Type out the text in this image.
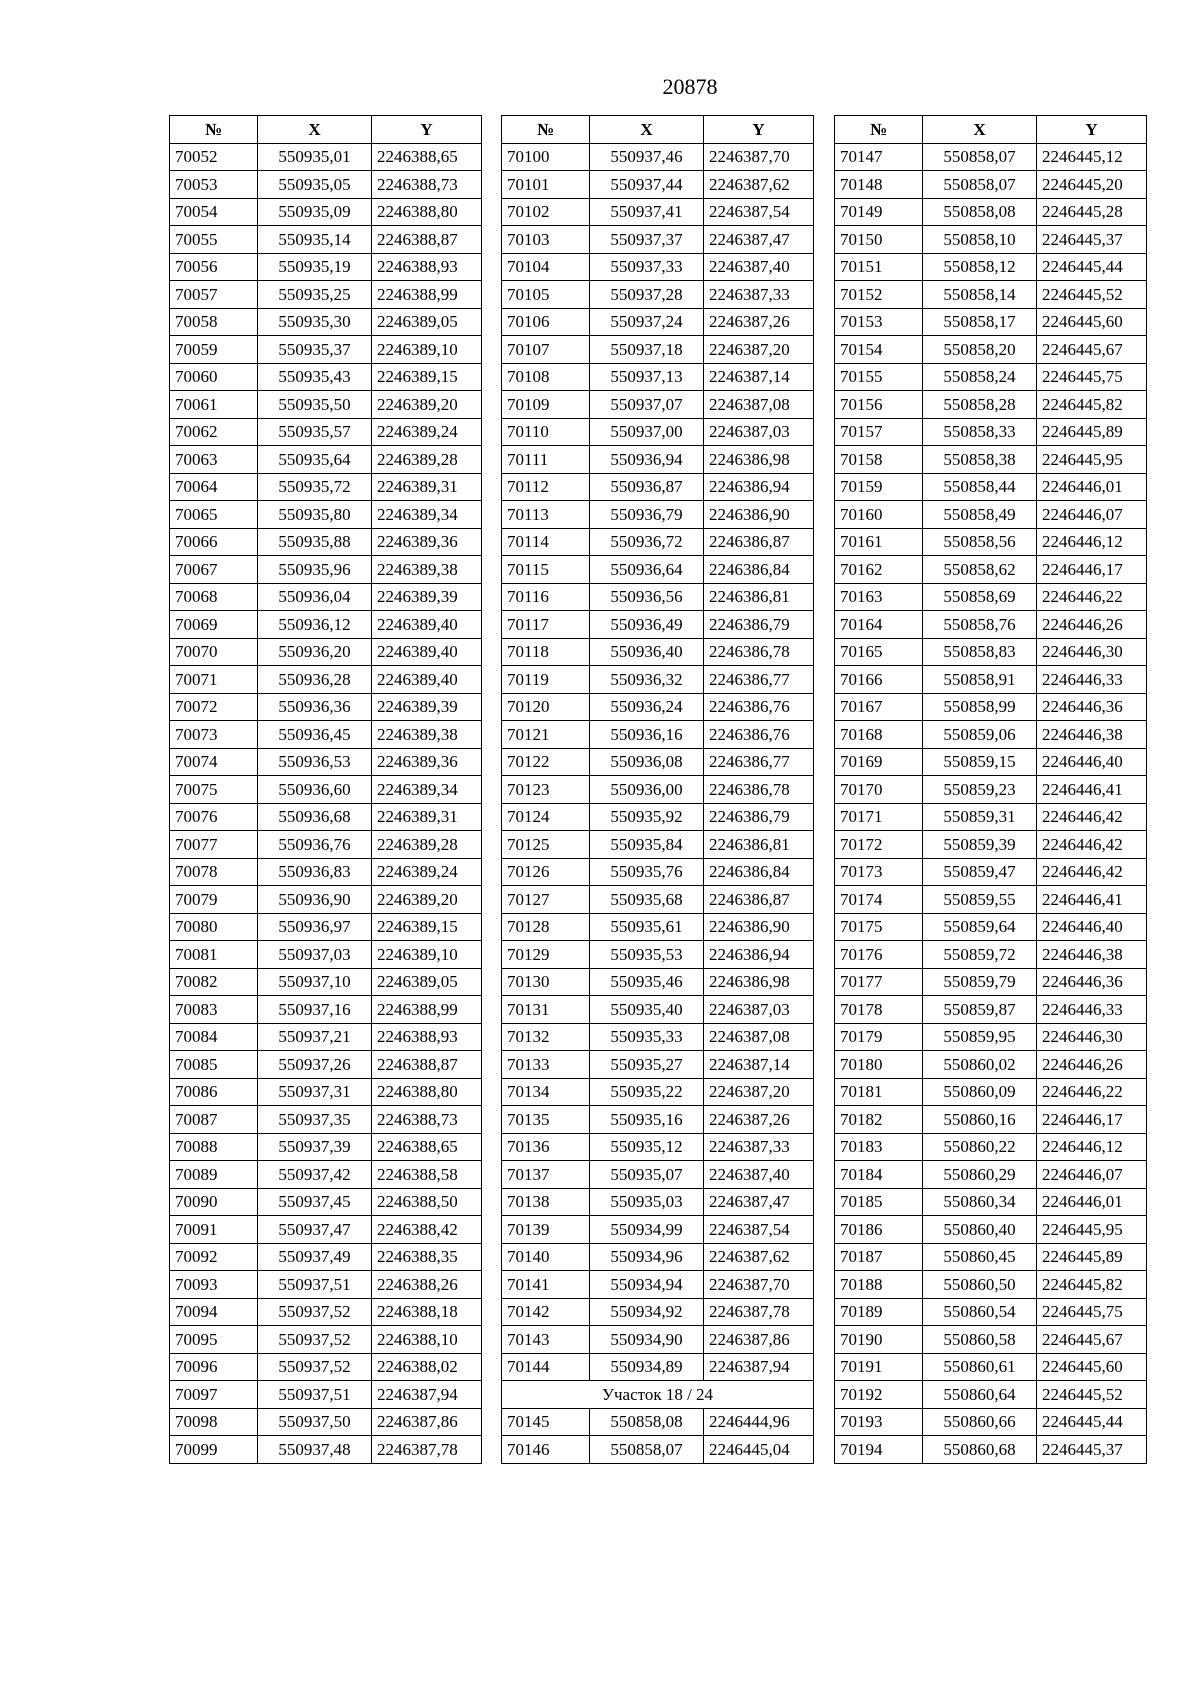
20878
№	X	Y
70052	550935,01	2246388,65
70053	550935,05	2246388,73
70054	550935,09	2246388,80
70055	550935,14	2246388,87
70056	550935,19	2246388,93
70057	550935,25	2246388,99
70058	550935,30	2246389,05
70059	550935,37	2246389,10
70060	550935,43	2246389,15
70061	550935,50	2246389,20
70062	550935,57	2246389,24
70063	550935,64	2246389,28
70064	550935,72	2246389,31
70065	550935,80	2246389,34
70066	550935,88	2246389,36
70067	550935,96	2246389,38
70068	550936,04	2246389,39
70069	550936,12	2246389,40
70070	550936,20	2246389,40
70071	550936,28	2246389,40
70072	550936,36	2246389,39
70073	550936,45	2246389,38
70074	550936,53	2246389,36
70075	550936,60	2246389,34
70076	550936,68	2246389,31
70077	550936,76	2246389,28
70078	550936,83	2246389,24
70079	550936,90	2246389,20
70080	550936,97	2246389,15
70081	550937,03	2246389,10
70082	550937,10	2246389,05
70083	550937,16	2246388,99
70084	550937,21	2246388,93
70085	550937,26	2246388,87
70086	550937,31	2246388,80
70087	550937,35	2246388,73
70088	550937,39	2246388,65
70089	550937,42	2246388,58
70090	550937,45	2246388,50
70091	550937,47	2246388,42
70092	550937,49	2246388,35
70093	550937,51	2246388,26
70094	550937,52	2246388,18
70095	550937,52	2246388,10
70096	550937,52	2246388,02
70097	550937,51	2246387,94
70098	550937,50	2246387,86
70099	550937,48	2246387,78
№	X	Y
70100	550937,46	2246387,70
70101	550937,44	2246387,62
70102	550937,41	2246387,54
70103	550937,37	2246387,47
70104	550937,33	2246387,40
70105	550937,28	2246387,33
70106	550937,24	2246387,26
70107	550937,18	2246387,20
70108	550937,13	2246387,14
70109	550937,07	2246387,08
70110	550937,00	2246387,03
70111	550936,94	2246386,98
70112	550936,87	2246386,94
70113	550936,79	2246386,90
70114	550936,72	2246386,87
70115	550936,64	2246386,84
70116	550936,56	2246386,81
70117	550936,49	2246386,79
70118	550936,40	2246386,78
70119	550936,32	2246386,77
70120	550936,24	2246386,76
70121	550936,16	2246386,76
70122	550936,08	2246386,77
70123	550936,00	2246386,78
70124	550935,92	2246386,79
70125	550935,84	2246386,81
70126	550935,76	2246386,84
70127	550935,68	2246386,87
70128	550935,61	2246386,90
70129	550935,53	2246386,94
70130	550935,46	2246386,98
70131	550935,40	2246387,03
70132	550935,33	2246387,08
70133	550935,27	2246387,14
70134	550935,22	2246387,20
70135	550935,16	2246387,26
70136	550935,12	2246387,33
70137	550935,07	2246387,40
70138	550935,03	2246387,47
70139	550934,99	2246387,54
70140	550934,96	2246387,62
70141	550934,94	2246387,70
70142	550934,92	2246387,78
70143	550934,90	2246387,86
70144	550934,89	2246387,94
Участок 18 / 24		
70145	550858,08	2246444,96
70146	550858,07	2246445,04
№	X	Y
70147	550858,07	2246445,12
70148	550858,07	2246445,20
70149	550858,08	2246445,28
70150	550858,10	2246445,37
70151	550858,12	2246445,44
70152	550858,14	2246445,52
70153	550858,17	2246445,60
70154	550858,20	2246445,67
70155	550858,24	2246445,75
70156	550858,28	2246445,82
70157	550858,33	2246445,89
70158	550858,38	2246445,95
70159	550858,44	2246446,01
70160	550858,49	2246446,07
70161	550858,56	2246446,12
70162	550858,62	2246446,17
70163	550858,69	2246446,22
70164	550858,76	2246446,26
70165	550858,83	2246446,30
70166	550858,91	2246446,33
70167	550858,99	2246446,36
70168	550859,06	2246446,38
70169	550859,15	2246446,40
70170	550859,23	2246446,41
70171	550859,31	2246446,42
70172	550859,39	2246446,42
70173	550859,47	2246446,42
70174	550859,55	2246446,41
70175	550859,64	2246446,40
70176	550859,72	2246446,38
70177	550859,79	2246446,36
70178	550859,87	2246446,33
70179	550859,95	2246446,30
70180	550860,02	2246446,26
70181	550860,09	2246446,22
70182	550860,16	2246446,17
70183	550860,22	2246446,12
70184	550860,29	2246446,07
70185	550860,34	2246446,01
70186	550860,40	2246445,95
70187	550860,45	2246445,89
70188	550860,50	2246445,82
70189	550860,54	2246445,75
70190	550860,58	2246445,67
70191	550860,61	2246445,60
70192	550860,64	2246445,52
70193	550860,66	2246445,44
70194	550860,68	2246445,37
